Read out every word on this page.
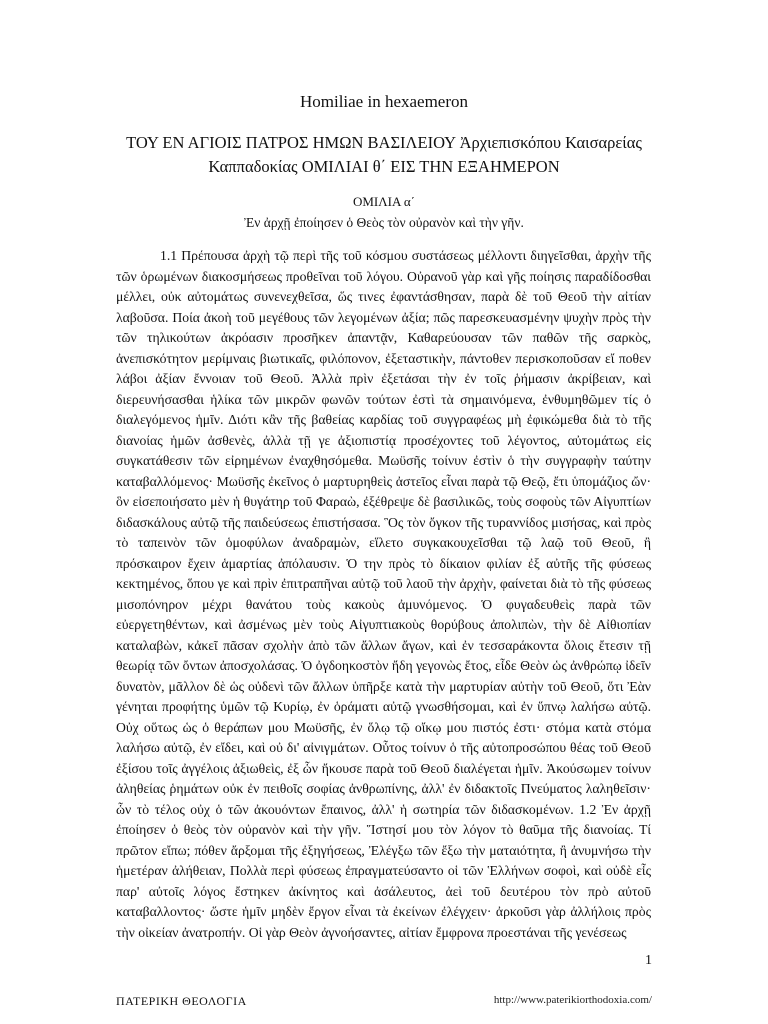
Homiliae in hexaemeron
ΤΟΥ ΕΝ ΑΓΙΟΙΣ ΠΑΤΡΟΣ ΗΜΩΝ ΒΑΣΙΛΕΙΟΥ Ἀρχιεπισκόπου Καισαρείας Καππαδοκίας ΟΜΙΛΙΑΙ θ΄ ΕΙΣ ΤΗΝ ΕΞΑΗΜΕΡΟΝ
ΟΜΙΛΙΑ α΄
Ἐν ἀρχῇ ἐποίησεν ὁ Θεὸς τὸν οὐρανὸν καὶ τὴν γῆν.

1.1 Πρέπουσα ἀρχὴ τῷ περὶ τῆς τοῦ κόσμου συστάσεως μέλλοντι διηγεῖσθαι, ἀρχὴν τῆς τῶν ὁρωμένων διακοσμήσεως προθεῖναι τοῦ λόγου. Οὐρανοῦ γὰρ καὶ γῆς ποίησις παραδίδοσθαι μέλλει, οὐκ αὐτομάτως συνενεχθεῖσα, ὥς τινες ἐφαντάσθησαν, παρὰ δὲ τοῦ Θεοῦ τὴν αἰτίαν λαβοῦσα. Ποία ἀκοὴ τοῦ μεγέθους τῶν λεγομένων ἀξία; πῶς παρεσκευασμένην ψυχὴν πρὸς τὴν τῶν τηλικούτων ἀκρόασιν προσῆκεν ἀπαντᾷν, Καθαρεύουσαν τῶν παθῶν τῆς σαρκὸς, ἀνεπισκότητον μερίμναις βιωτικαῖς, φιλόπονον, ἐξεταστικὴν, πάντοθεν περισκοποῦσαν εἴ ποθεν λάβοι ἀξίαν ἔννοιαν τοῦ Θεοῦ. Ἀλλὰ πρὶν ἐξετάσαι τὴν ἐν τοῖς ῥήμασιν ἀκρίβειαν, καὶ διερευνήσασθαι ἡλίκα τῶν μικρῶν φωνῶν τούτων ἐστὶ τὰ σημαινόμενα, ἐνθυμηθῶμεν τίς ὁ διαλεγόμενος ἡμῖν. Διότι κἂν τῆς βαθείας καρδίας τοῦ συγγραφέως μὴ ἐφικώμεθα διὰ τὸ τῆς διανοίας ἡμῶν ἀσθενὲς, ἀλλὰ τῇ γε ἀξιοπιστίᾳ προσέχοντες τοῦ λέγοντος, αὐτομάτως εἰς συγκατάθεσιν τῶν εἰρημένων ἐναχθησόμεθα. Μωϋσῆς τοίνυν ἐστὶν ὁ τὴν συγγραφὴν ταύτην καταβαλλόμενος· Μωϋσῆς ἐκεῖνος ὁ μαρτυρηθεὶς ἀστεῖος εἶναι παρὰ τῷ Θεῷ, ἔτι ὑπομάζιος ὤν· ὃν εἰσεποιήσατο μὲν ἡ θυγάτηρ τοῦ Φαραὼ, ἐξέθρεψε δὲ βασιλικῶς, τοὺς σοφοὺς τῶν Αἰγυπτίων διδασκάλους αὐτῷ τῆς παιδεύσεως ἐπιστήσασα. Ὃς τὸν ὄγκον τῆς τυραννίδος μισήσας, καὶ πρὸς τὸ ταπεινὸν τῶν ὁμοφύλων ἀναδραμὼν, εἵλετο συγκακουχεῖσθαι τῷ λαῷ τοῦ Θεοῦ, ἢ πρόσκαιρον ἔχειν ἁμαρτίας ἀπόλαυσιν. Ὁ την πρὸς τὸ δίκαιον φιλίαν ἐξ αὐτῆς τῆς φύσεως κεκτημένος, ὅπου γε καὶ πρὶν ἐπιτραπῆναι αὐτῷ τοῦ λαοῦ τὴν ἀρχὴν, φαίνεται διὰ τὸ τῆς φύσεως μισοπόνηρον μέχρι θανάτου τοὺς κακοὺς ἀμυνόμενος. Ὁ φυγαδευθεὶς παρὰ τῶν εὐεργετηθέντων, καὶ ἀσμένως μὲν τοὺς Αἰγυπτιακοὺς θορύβους ἀπολιπὼν, τὴν δὲ Αἰθιοπίαν καταλαβὼν, κἀκεῖ πᾶσαν σχολὴν ἀπὸ τῶν ἄλλων ἄγων, καὶ ἐν τεσσαράκοντα ὅλοις ἔτεσιν τῇ θεωρίᾳ τῶν ὄντων ἀποσχολάσας. Ὁ ὀγδοηκοστὸν ἤδη γεγονὼς ἔτος, εἶδε Θεὸν ὡς ἀνθρώπῳ ἰδεῖν δυνατὸν, μᾶλλον δὲ ὡς οὐδενὶ τῶν ἄλλων ὑπῆρξε κατὰ τὴν μαρτυρίαν αὐτὴν τοῦ Θεοῦ, ὅτι Ἐὰν γένηται προφήτης ὑμῶν τῷ Κυρίῳ, ἐν ὁράματι αὐτῷ γνωσθήσομαι, καὶ ἐν ὕπνῳ λαλήσω αὐτῷ. Οὐχ οὕτως ὡς ὁ θεράπων μου Μωϋσῆς, ἐν ὅλῳ τῷ οἴκῳ μου πιστός ἐστι· στόμα κατὰ στόμα λαλήσω αὐτῷ, ἐν εἴδει, καὶ οὐ δι' αἰνιγμάτων. Οὗτος τοίνυν ὁ τῆς αὐτοπροσώπου θέας τοῦ Θεοῦ ἐξίσου τοῖς ἀγγέλοις ἀξιωθεὶς, ἐξ ὧν ἤκουσε παρὰ τοῦ Θεοῦ διαλέγεται ἡμῖν. Ἀκούσωμεν τοίνυν ἀληθείας ῥημάτων οὐκ ἐν πειθοῖς σοφίας ἀνθρωπίνης, ἀλλ' ἐν διδακτοῖς Πνεύματος λαληθεῖσιν· ὧν τὸ τέλος οὐχ ὁ τῶν ἀκουόντων ἔπαινος, ἀλλ' ἡ σωτηρία τῶν διδασκομένων. 1.2 Ἐν ἀρχῇ ἐποίησεν ὁ θεὸς τὸν οὐρανὸν καὶ τὴν γῆν. Ἵστησί μου τὸν λόγον τὸ θαῦμα τῆς διανοίας. Τί πρῶτον εἴπω; πόθεν ἄρξομαι τῆς ἐξηγήσεως, Ἐλέγξω τῶν ἔξω τὴν ματαιότητα, ἢ ἀνυμνήσω τὴν ἡμετέραν ἀλήθειαν, Πολλὰ περὶ φύσεως ἐπραγματεύσαντο οἱ τῶν Ἑλλήνων σοφοὶ, καὶ οὐδὲ εἷς παρ' αὐτοῖς λόγος ἔστηκεν ἀκίνητος καὶ ἀσάλευτος, ἀεὶ τοῦ δευτέρου τὸν πρὸ αὐτοῦ καταβαλλοντος· ὥστε ἡμῖν μηδὲν ἔργον εἶναι τὰ ἐκείνων ἐλέγχειν· ἀρκοῦσι γὰρ ἀλλήλοις πρὸς τὴν οἰκείαν ἀνατροπήν. Οἱ γὰρ Θεὸν ἀγνοήσαντες, αἰτίαν ἔμφρονα προεστάναι τῆς γενέσεως

1
ΠΑΤΕΡΙΚΗ ΘΕΟΛΟΓΙΑ	http://www.paterikiorthodoxia.com/
